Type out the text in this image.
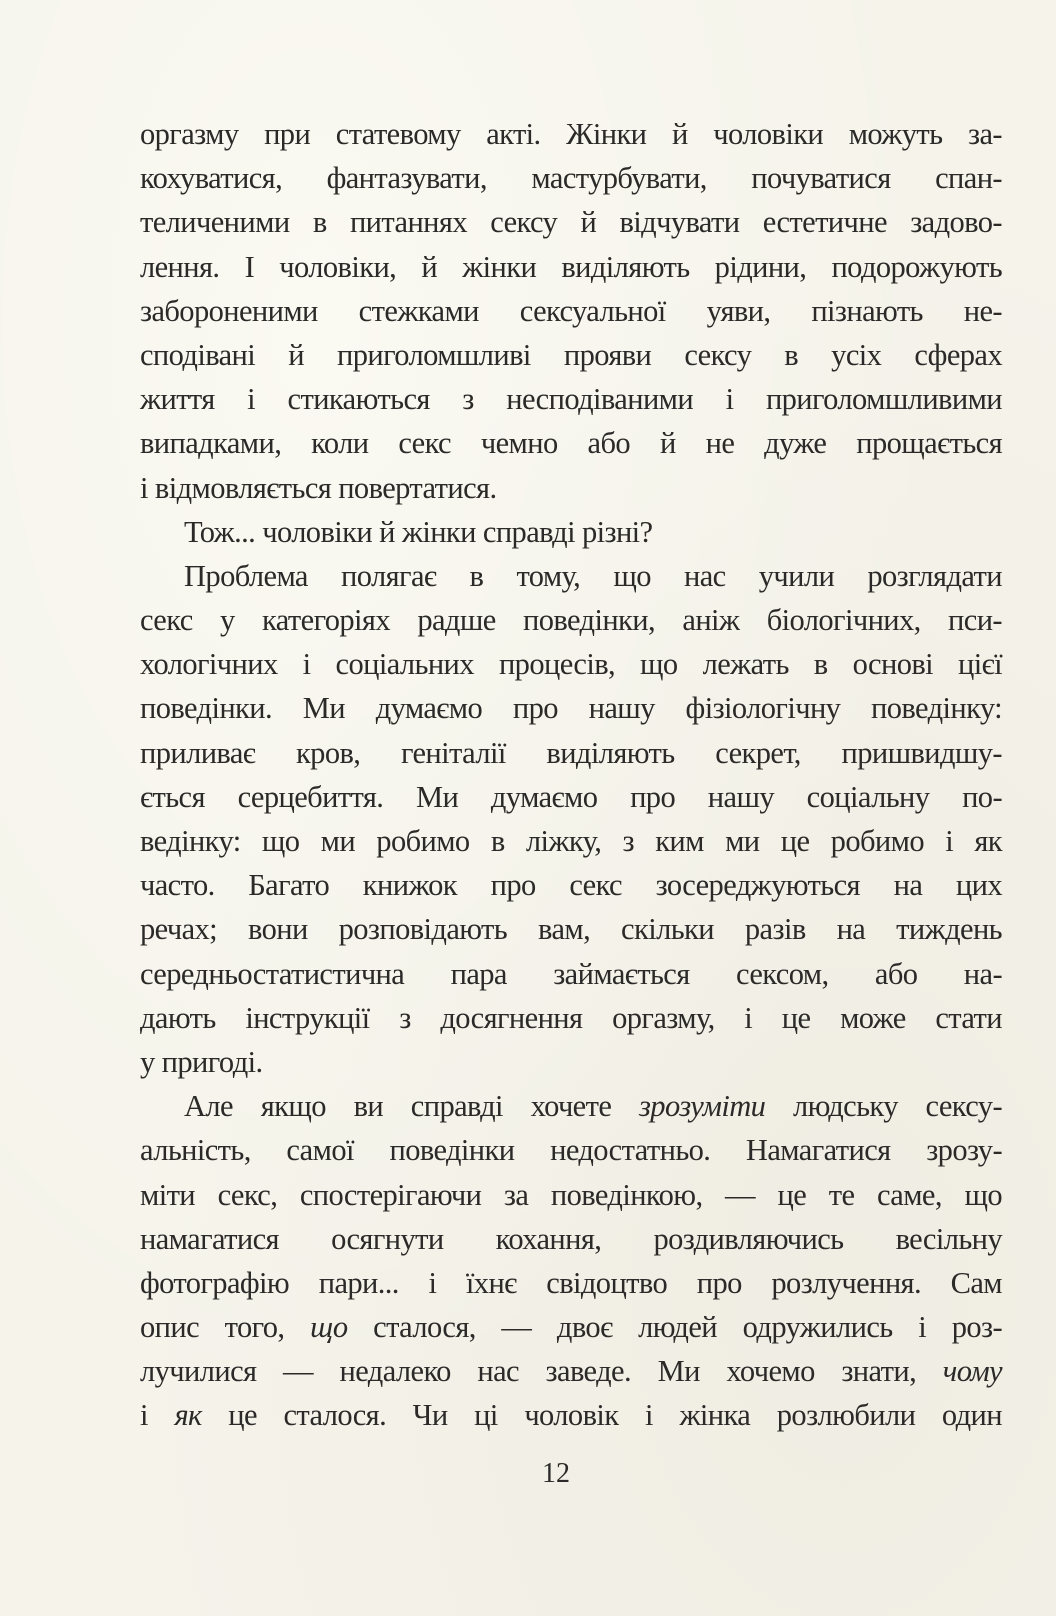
оргазму при статевому акті. Жінки й чоловіки можуть за-
кохуватися, фантазувати, мастурбувати, почуватися спан-
теличеними в питаннях сексу й відчувати естетичне задово-
лення. І чоловіки, й жінки виділяють рідини, подорожують
забороненими стежками сексуальної уяви, пізнають не-
сподівані й приголомшливі прояви сексу в усіх сферах
життя і стикаються з несподіваними і приголомшливими
випадками, коли секс чемно або й не дуже прощається
і відмовляється повертатися.
Тож... чоловіки й жінки справді різні?
Проблема полягає в тому, що нас учили розглядати
секс у категоріях радше поведінки, аніж біологічних, пси-
хологічних і соціальних процесів, що лежать в основі цієї
поведінки. Ми думаємо про нашу фізіологічну поведінку:
приливає кров, геніталії виділяють секрет, пришвидшу-
ється серцебиття. Ми думаємо про нашу соціальну по-
ведінку: що ми робимо в ліжку, з ким ми це робимо і як
часто. Багато книжок про секс зосереджуються на цих
речах; вони розповідають вам, скільки разів на тиждень
середньостатистична пара займається сексом, або на-
дають інструкції з досягнення оргазму, і це може стати
у пригоді.
Але якщо ви справді хочете зрозуміти людську сексу-
альність, самої поведінки недостатньо. Намагатися зрозу-
міти секс, спостерігаючи за поведінкою, — це те саме, що
намагатися осягнути кохання, роздивляючись весільну
фотографію пари... і їхнє свідоцтво про розлучення. Сам
опис того, що сталося, — двоє людей одружились і роз-
лучилися — недалеко нас заведе. Ми хочемо знати, чому
і як це сталося. Чи ці чоловік і жінка розлюбили один
12
